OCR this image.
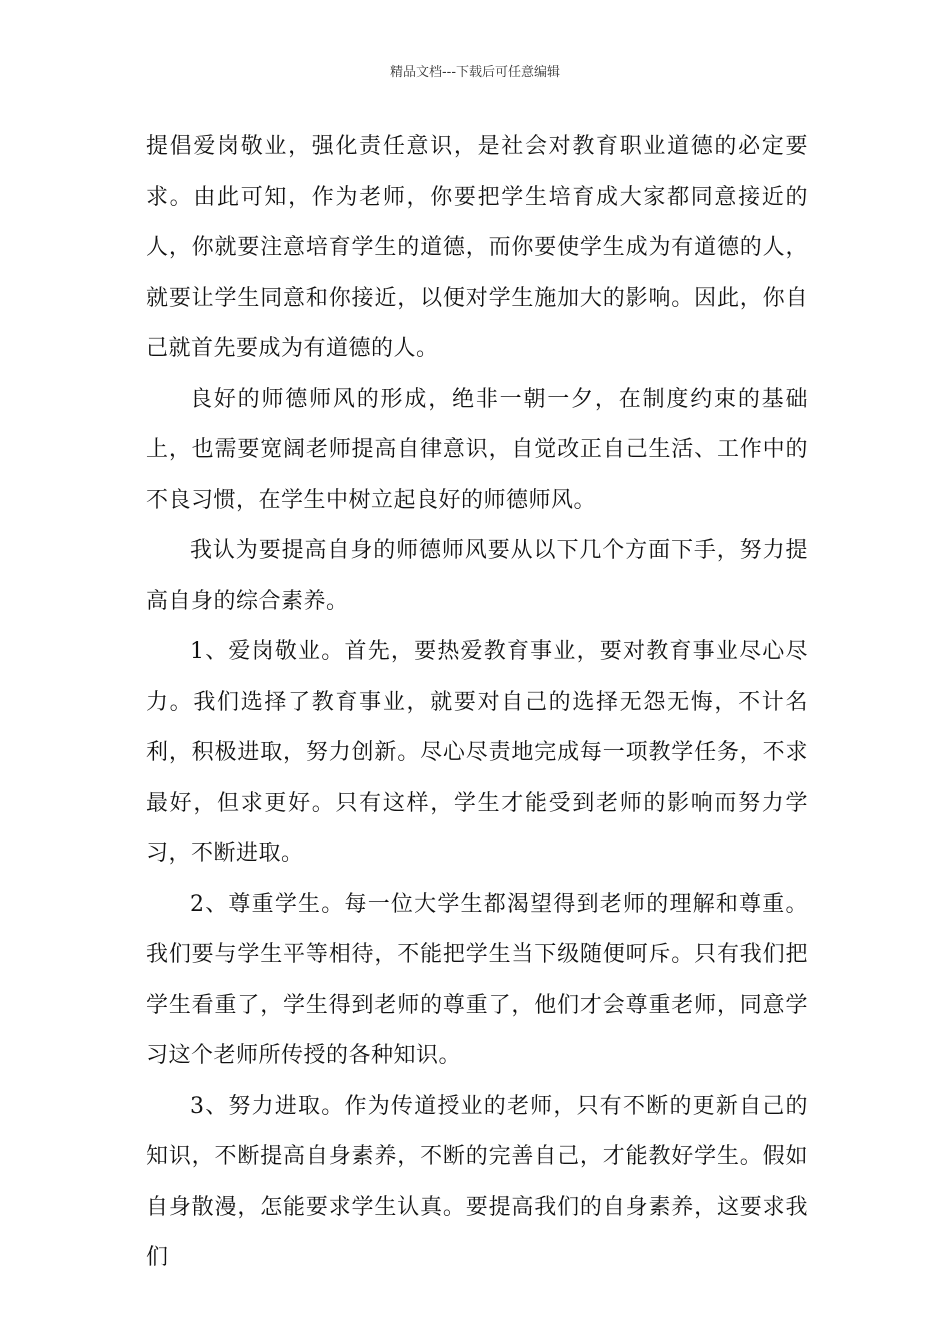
精品文档---下载后可任意编辑

提倡爱岗敬业，强化责任意识，是社会对教育职业道德的必定要求。由此可知，作为老师，你要把学生培育成大家都同意接近的人，你就要注意培育学生的道德，而你要使学生成为有道德的人，就要让学生同意和你接近，以便对学生施加大的影响。因此，你自己就首先要成为有道德的人。

良好的师德师风的形成，绝非一朝一夕，在制度约束的基础上，也需要宽阔老师提高自律意识，自觉改正自己生活、工作中的不良习惯，在学生中树立起良好的师德师风。

我认为要提高自身的师德师风要从以下几个方面下手，努力提高自身的综合素养。

1、爱岗敬业。首先，要热爱教育事业，要对教育事业尽心尽力。我们选择了教育事业，就要对自己的选择无怨无悔，不计名利，积极进取，努力创新。尽心尽责地完成每一项教学任务，不求最好，但求更好。只有这样，学生才能受到老师的影响而努力学习，不断进取。

2、尊重学生。每一位大学生都渴望得到老师的理解和尊重。我们要与学生平等相待，不能把学生当下级随便呵斥。只有我们把学生看重了，学生得到老师的尊重了，他们才会尊重老师，同意学习这个老师所传授的各种知识。

3、努力进取。作为传道授业的老师，只有不断的更新自己的知识，不断提高自身素养，不断的完善自己，才能教好学生。假如自身散漫，怎能要求学生认真。要提高我们的自身素养，这要求我们
